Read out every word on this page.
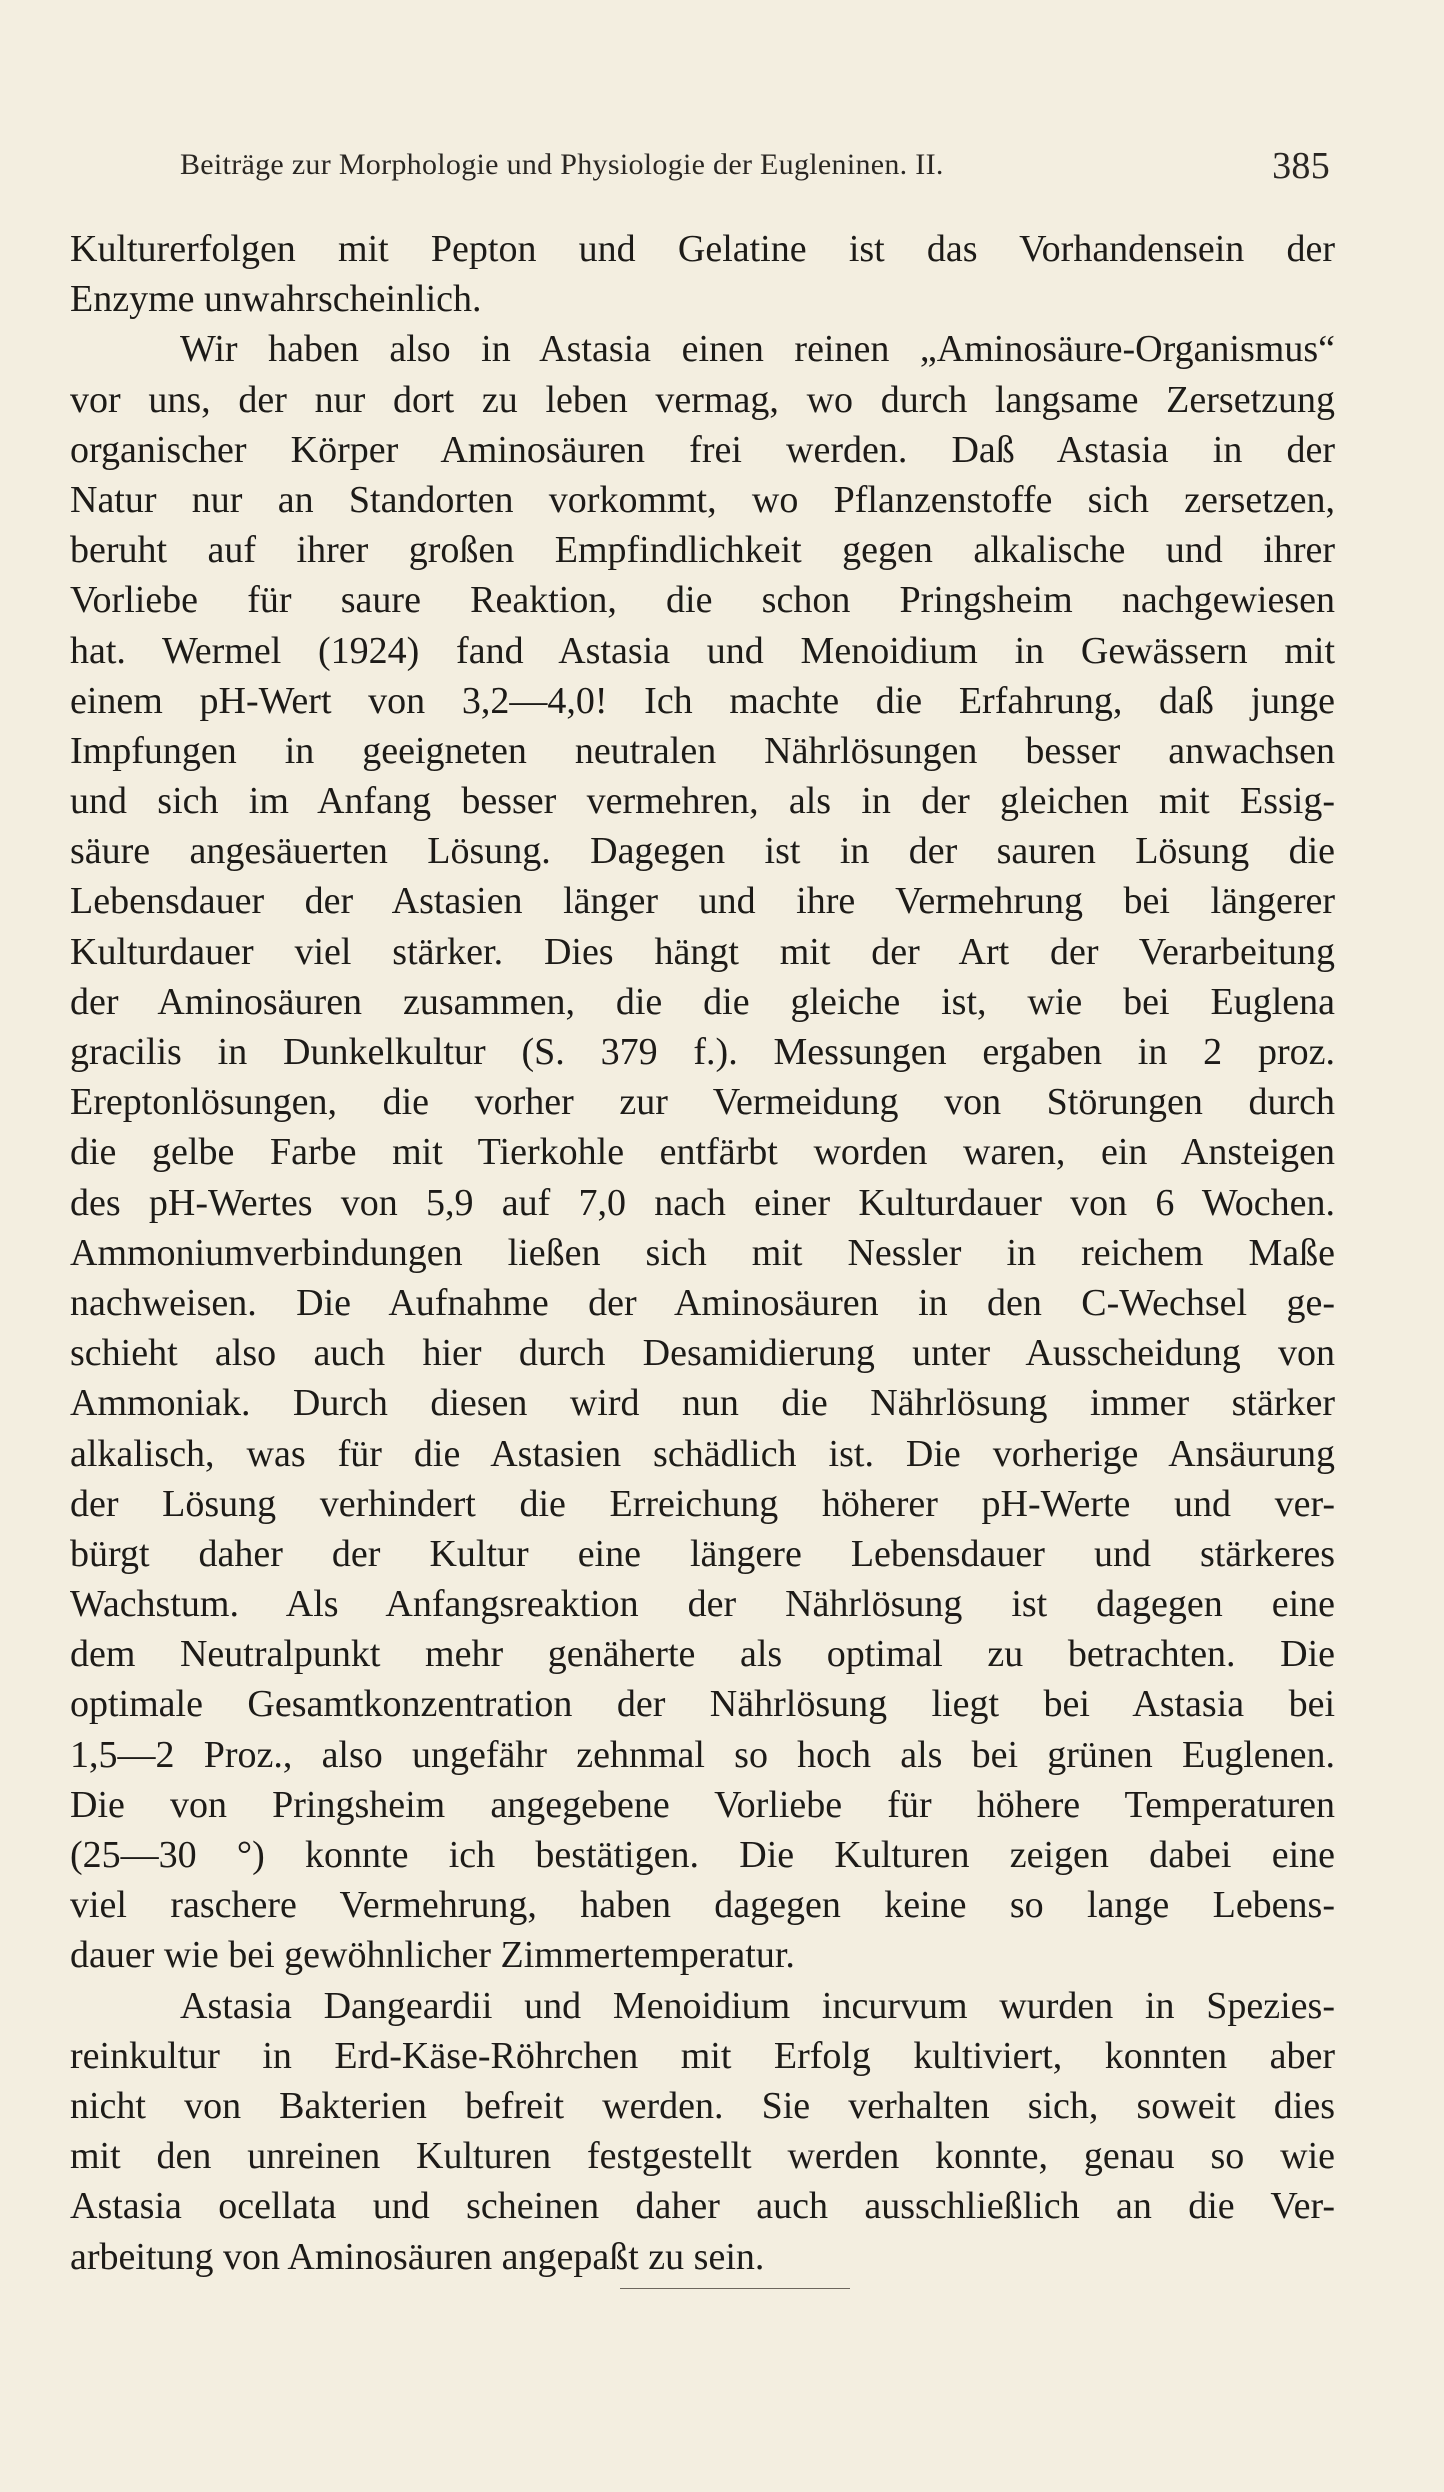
Beiträge zur Morphologie und Physiologie der Eugleninen. II.	385
Kulturerfolgen mit Pepton und Gelatine ist das Vorhandensein der
Enzyme unwahrscheinlich.
Wir haben also in Astasia einen reinen „Aminosäure-Organismus“
vor uns, der nur dort zu leben vermag, wo durch langsame Zersetzung
organischer Körper Aminosäuren frei werden. Daß Astasia in der
Natur nur an Standorten vorkommt, wo Pflanzenstoffe sich zersetzen,
beruht auf ihrer großen Empfindlichkeit gegen alkalische und ihrer
Vorliebe für saure Reaktion, die schon Pringsheim nachgewiesen
hat. Wermel (1924) fand Astasia und Menoidium in Gewässern mit
einem pH-Wert von 3,2—4,0! Ich machte die Erfahrung, daß junge
Impfungen in geeigneten neutralen Nährlösungen besser anwachsen
und sich im Anfang besser vermehren, als in der gleichen mit Essig-
säure angesäuerten Lösung. Dagegen ist in der sauren Lösung die
Lebensdauer der Astasien länger und ihre Vermehrung bei längerer
Kulturdauer viel stärker. Dies hängt mit der Art der Verarbeitung
der Aminosäuren zusammen, die die gleiche ist, wie bei Euglena
gracilis in Dunkelkultur (S. 379 f.). Messungen ergaben in 2 proz.
Ereptonlösungen, die vorher zur Vermeidung von Störungen durch
die gelbe Farbe mit Tierkohle entfärbt worden waren, ein Ansteigen
des pH-Wertes von 5,9 auf 7,0 nach einer Kulturdauer von 6 Wochen.
Ammoniumverbindungen ließen sich mit Nessler in reichem Maße
nachweisen. Die Aufnahme der Aminosäuren in den C-Wechsel ge-
schieht also auch hier durch Desamidierung unter Ausscheidung von
Ammoniak. Durch diesen wird nun die Nährlösung immer stärker
alkalisch, was für die Astasien schädlich ist. Die vorherige Ansäurung
der Lösung verhindert die Erreichung höherer pH-Werte und ver-
bürgt daher der Kultur eine längere Lebensdauer und stärkeres
Wachstum. Als Anfangsreaktion der Nährlösung ist dagegen eine
dem Neutralpunkt mehr genäherte als optimal zu betrachten. Die
optimale Gesamtkonzentration der Nährlösung liegt bei Astasia bei
1,5—2 Proz., also ungefähr zehnmal so hoch als bei grünen Euglenen.
Die von Pringsheim angegebene Vorliebe für höhere Temperaturen
(25—30 °) konnte ich bestätigen. Die Kulturen zeigen dabei eine
viel raschere Vermehrung, haben dagegen keine so lange Lebens-
dauer wie bei gewöhnlicher Zimmertemperatur.
Astasia Dangeardii und Menoidium incurvum wurden in Spezies-
reinkultur in Erd-Käse-Röhrchen mit Erfolg kultiviert, konnten aber
nicht von Bakterien befreit werden. Sie verhalten sich, soweit dies
mit den unreinen Kulturen festgestellt werden konnte, genau so wie
Astasia ocellata und scheinen daher auch ausschließlich an die Ver-
arbeitung von Aminosäuren angepaßt zu sein.
